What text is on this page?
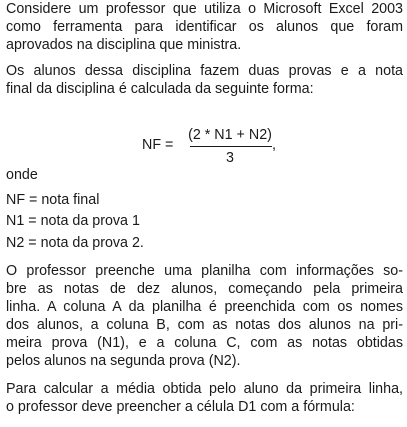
Considere um professor que utiliza o Microsoft Excel 2003
como ferramenta para identificar os alunos que foram
aprovados na disciplina que ministra.
Os alunos dessa disciplina fazem duas provas e a nota
final da disciplina é calculada da seguinte forma:
NF =
(2 * N1 + N2)
3
,
onde
NF = nota final
N1 = nota da prova 1
N2 = nota da prova 2.
O professor preenche uma planilha com informações so-
bre as notas de dez alunos, começando pela primeira
linha. A coluna A da planilha é preenchida com os nomes
dos alunos, a coluna B, com as notas dos alunos na pri-
meira prova (N1), e a coluna C, com as notas obtidas
pelos alunos na segunda prova (N2).
Para calcular a média obtida pelo aluno da primeira linha,
o professor deve preencher a célula D1 com a fórmula:
